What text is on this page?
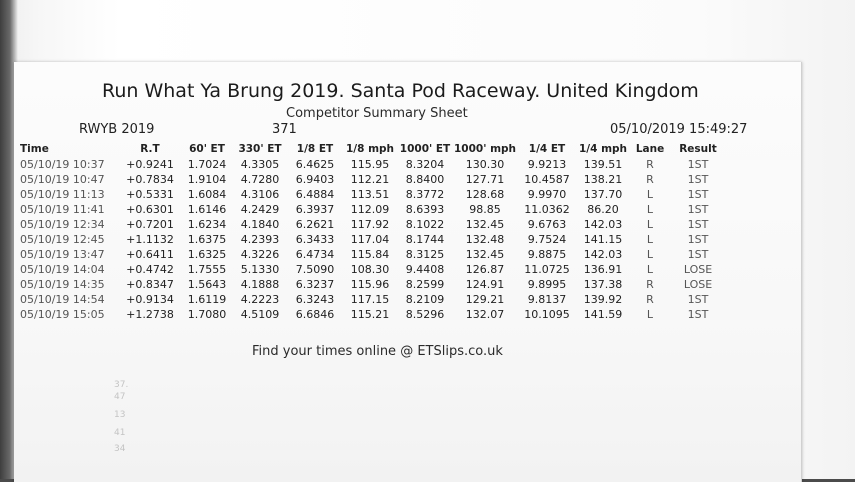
Run What Ya Brung 2019. Santa Pod Raceway. United Kingdom
Competitor Summary Sheet
RWYB 2019	371	05/10/2019 15:49:27
Time	R.T	60' ET	330' ET	1/8 ET	1/8 mph	1000' ET	1000' mph	1/4 ET	1/4 mph	Lane	Result
05/10/19 10:37	+0.9241	1.7024	4.3305	6.4625	115.95	8.3204	130.30	9.9213	139.51	R	1ST
05/10/19 10:47	+0.7834	1.9104	4.7280	6.9403	112.21	8.8400	127.71	10.4587	138.21	R	1ST
05/10/19 11:13	+0.5331	1.6084	4.3106	6.4884	113.51	8.3772	128.68	9.9970	137.70	L	1ST
05/10/19 11:41	+0.6301	1.6146	4.2429	6.3937	112.09	8.6393	98.85	11.0362	86.20	L	1ST
05/10/19 12:34	+0.7201	1.6234	4.1840	6.2621	117.92	8.1022	132.45	9.6763	142.03	L	1ST
05/10/19 12:45	+1.1132	1.6375	4.2393	6.3433	117.04	8.1744	132.48	9.7524	141.15	L	1ST
05/10/19 13:47	+0.6411	1.6325	4.3226	6.4734	115.84	8.3125	132.45	9.8875	142.03	L	1ST
05/10/19 14:04	+0.4742	1.7555	5.1330	7.5090	108.30	9.4408	126.87	11.0725	136.91	L	LOSE
05/10/19 14:35	+0.8347	1.5643	4.1888	6.3237	115.96	8.2599	124.91	9.8995	137.38	R	LOSE
05/10/19 14:54	+0.9134	1.6119	4.2223	6.3243	117.15	8.2109	129.21	9.8137	139.92	R	1ST
05/10/19 15:05	+1.2738	1.7080	4.5109	6.6846	115.21	8.5296	132.07	10.1095	141.59	L	1ST
Find your times online @ ETSlips.co.uk
37.
47
13
41
34
